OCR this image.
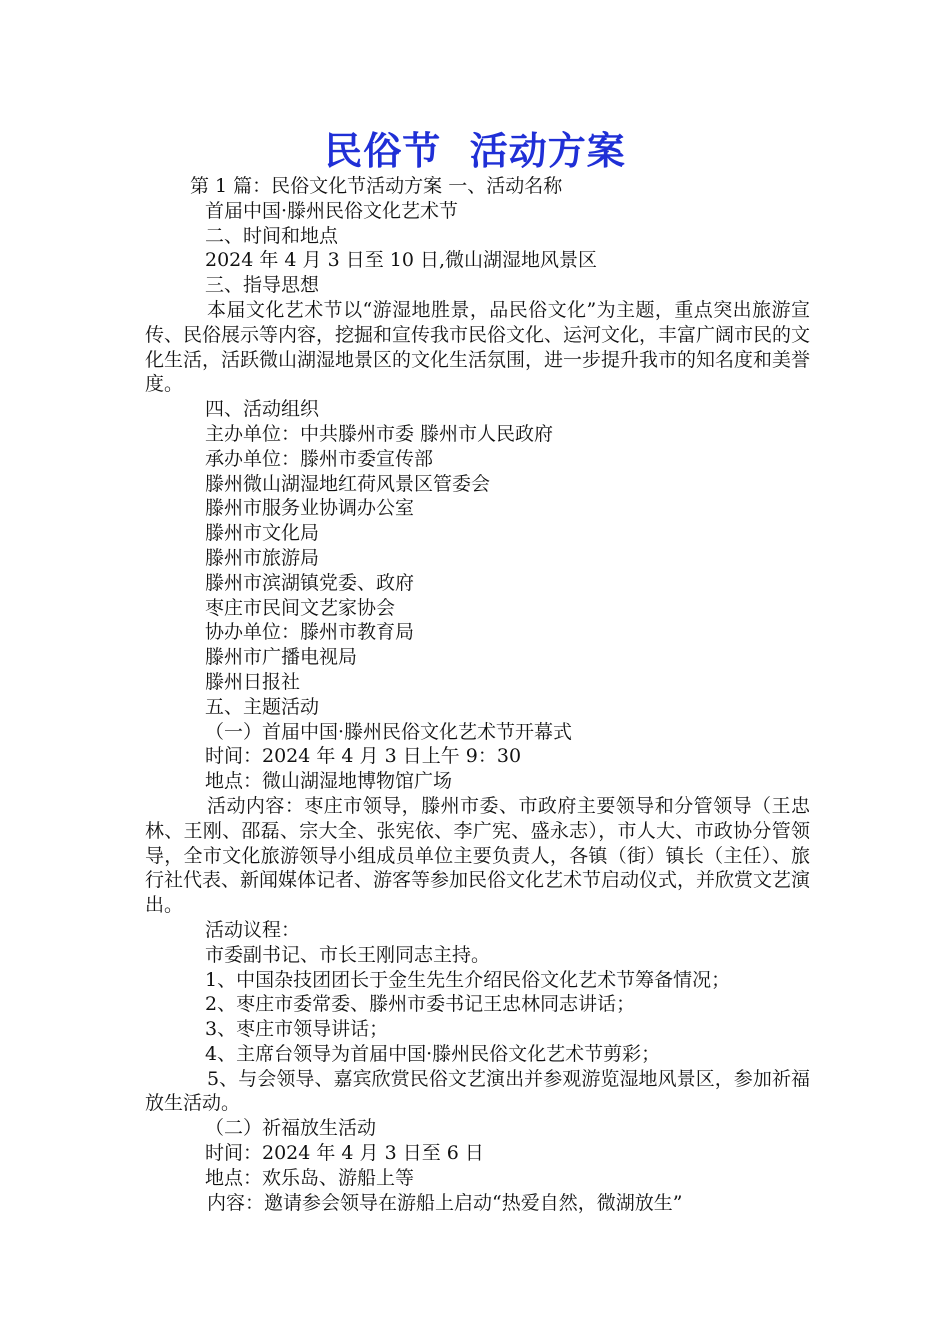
民俗节  活动方案

第 1 篇：民俗文化节活动方案 一、活动名称

首届中国·滕州民俗文化艺术节

二、时间和地点

2024 年 4 月 3 日至 10 日,微山湖湿地风景区

三、指导思想

本届文化艺术节以“游湿地胜景，品民俗文化”为主题，重点突出旅游宣传、民俗展示等内容，挖掘和宣传我市民俗文化、运河文化，丰富广阔市民的文化生活，活跃微山湖湿地景区的文化生活氛围，进一步提升我市的知名度和美誉度。

四、活动组织

主办单位：中共滕州市委 滕州市人民政府

承办单位：滕州市委宣传部

滕州微山湖湿地红荷风景区管委会

滕州市服务业协调办公室

滕州市文化局

滕州市旅游局

滕州市滨湖镇党委、政府

枣庄市民间文艺家协会

协办单位：滕州市教育局

滕州市广播电视局

滕州日报社

五、主题活动

（一）首届中国·滕州民俗文化艺术节开幕式

时间：2024 年 4 月 3 日上午 9：30

地点：微山湖湿地博物馆广场

活动内容：枣庄市领导，滕州市委、市政府主要领导和分管领导（王忠林、王刚、邵磊、宗大全、张宪依、李广宪、盛永志），市人大、市政协分管领导，全市文化旅游领导小组成员单位主要负责人，各镇（街）镇长（主任）、旅行社代表、新闻媒体记者、游客等参加民俗文化艺术节启动仪式，并欣赏文艺演出。

活动议程：

市委副书记、市长王刚同志主持。

1、中国杂技团团长于金生先生介绍民俗文化艺术节筹备情况；

2、枣庄市委常委、滕州市委书记王忠林同志讲话；

3、枣庄市领导讲话；

4、主席台领导为首届中国·滕州民俗文化艺术节剪彩；

5、与会领导、嘉宾欣赏民俗文艺演出并参观游览湿地风景区，参加祈福放生活动。

（二）祈福放生活动

时间：2024 年 4 月 3 日至 6 日

地点：欢乐岛、游船上等

内容：邀请参会领导在游船上启动“热爱自然，微湖放生”
